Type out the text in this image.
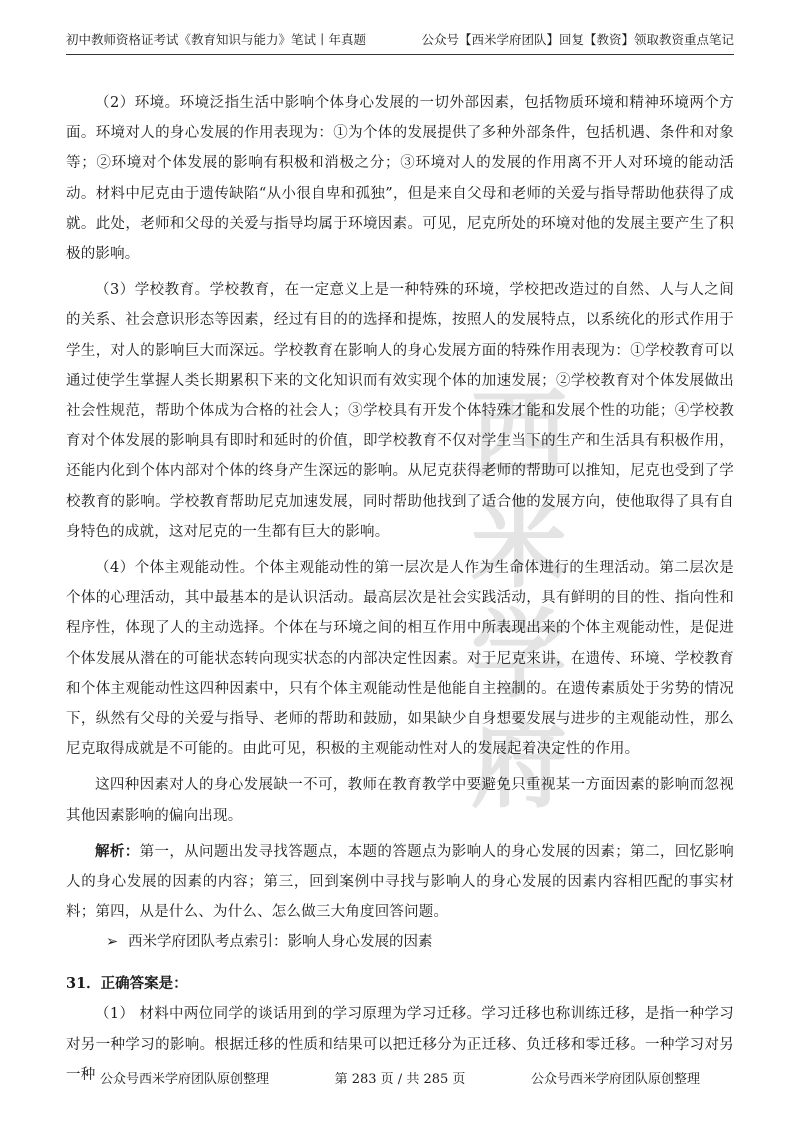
初中教师资格证考试《教育知识与能力》笔试丨年真题	公众号【西米学府团队】回复【教资】领取教资重点笔记
西米
学府

（2）环境。环境泛指生活中影响个体身心发展的一切外部因素，包括物质环境和精神环境两个方面。环境对人的身心发展的作用表现为：①为个体的发展提供了多种外部条件，包括机遇、条件和对象等；②环境对个体发展的影响有积极和消极之分；③环境对人的发展的作用离不开人对环境的能动活动。材料中尼克由于遗传缺陷“从小很自卑和孤独”，但是来自父母和老师的关爱与指导帮助他获得了成就。此处，老师和父母的关爱与指导均属于环境因素。可见，尼克所处的环境对他的发展主要产生了积极的影响。

（3）学校教育。学校教育，在一定意义上是一种特殊的环境，学校把改造过的自然、人与人之间的关系、社会意识形态等因素，经过有目的的选择和提炼，按照人的发展特点，以系统化的形式作用于学生，对人的影响巨大而深远。学校教育在影响人的身心发展方面的特殊作用表现为：①学校教育可以通过使学生掌握人类长期累积下来的文化知识而有效实现个体的加速发展；②学校教育对个体发展做出社会性规范，帮助个体成为合格的社会人；③学校具有开发个体特殊才能和发展个性的功能；④学校教育对个体发展的影响具有即时和延时的价值，即学校教育不仅对学生当下的生产和生活具有积极作用，还能内化到个体内部对个体的终身产生深远的影响。从尼克获得老师的帮助可以推知，尼克也受到了学校教育的影响。学校教育帮助尼克加速发展，同时帮助他找到了适合他的发展方向，使他取得了具有自身特色的成就，这对尼克的一生都有巨大的影响。

（4）个体主观能动性。个体主观能动性的第一层次是人作为生命体进行的生理活动。第二层次是个体的心理活动，其中最基本的是认识活动。最高层次是社会实践活动，具有鲜明的目的性、指向性和程序性，体现了人的主动选择。个体在与环境之间的相互作用中所表现出来的个体主观能动性，是促进个体发展从潜在的可能状态转向现实状态的内部决定性因素。对于尼克来讲，在遗传、环境、学校教育和个体主观能动性这四种因素中，只有个体主观能动性是他能自主控制的。在遗传素质处于劣势的情况下，纵然有父母的关爱与指导、老师的帮助和鼓励，如果缺少自身想要发展与进步的主观能动性，那么尼克取得成就是不可能的。由此可见，积极的主观能动性对人的发展起着决定性的作用。

这四种因素对人的身心发展缺一不可，教师在教育教学中要避免只重视某一方面因素的影响而忽视其他因素影响的偏向出现。

解析：第一，从问题出发寻找答题点，本题的答题点为影响人的身心发展的因素；第二，回忆影响人的身心发展的因素的内容；第三，回到案例中寻找与影响人的身心发展的因素内容相匹配的事实材料；第四，从是什么、为什么、怎么做三大角度回答问题。

➢ 西米学府团队考点索引：影响人身心发展的因素

31．正确答案是：

（1） 材料中两位同学的谈话用到的学习原理为学习迁移。学习迁移也称训练迁移，是指一种学习对另一种学习的影响。根据迁移的性质和结果可以把迁移分为正迁移、负迁移和零迁移。一种学习对另一种 公众号西米学府团队原创整理	第 283 页 / 共 285 页	公众号西米学府团队原创整理
